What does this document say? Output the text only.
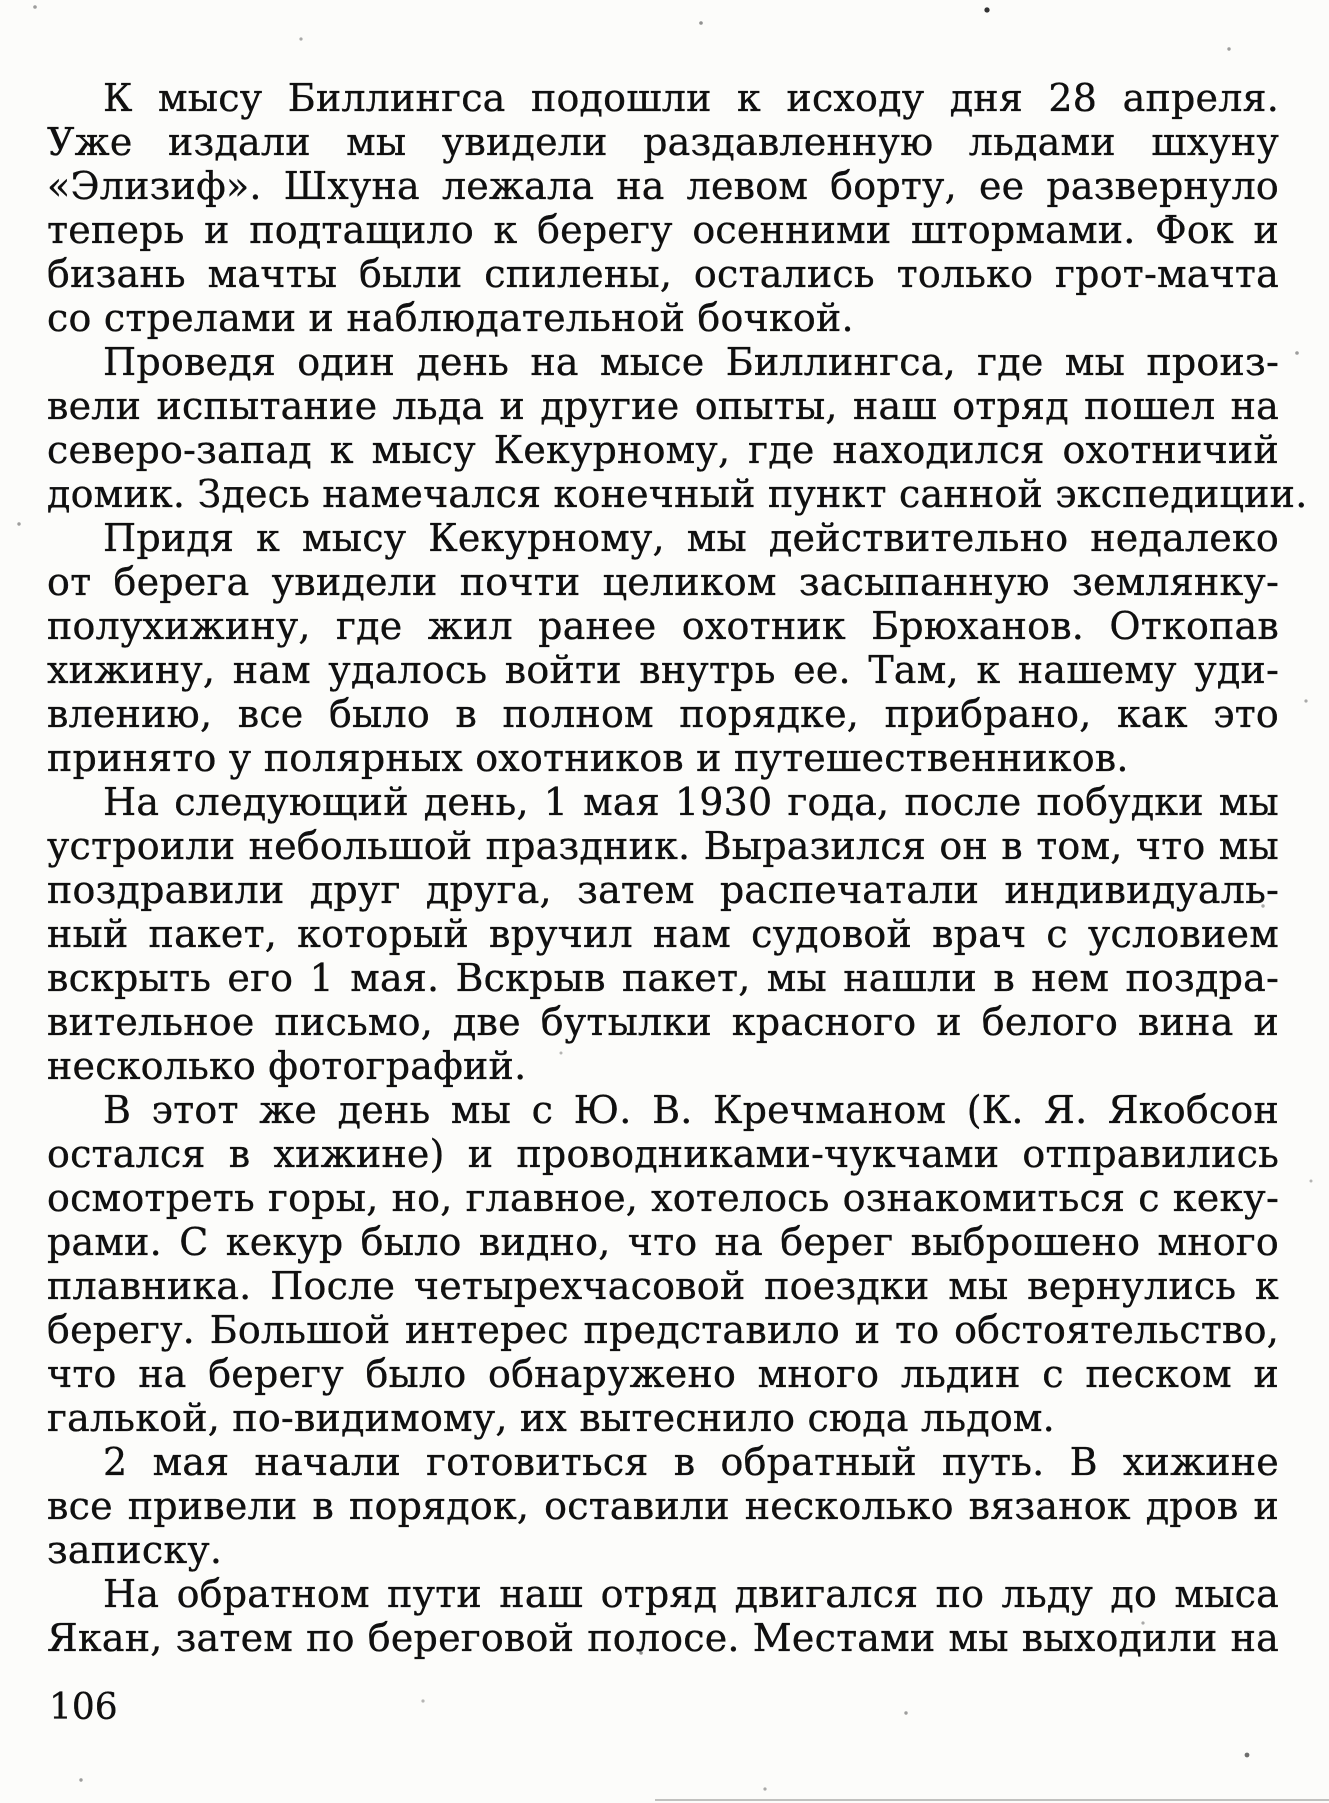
К мысу Биллингса подошли к исходу дня 28 апреля.
Уже издали мы увидели раздавленную льдами шхуну
«Элизиф». Шхуна лежала на левом борту, ее развернуло
теперь и подтащило к берегу осенними штормами. Фок и
бизань мачты были спилены, остались только грот-мачта
со стрелами и наблюдательной бочкой.
Проведя один день на мысе Биллингса, где мы произ-
вели испытание льда и другие опыты, наш отряд пошел на
северо-запад к мысу Кекурному, где находился охотничий
домик. Здесь намечался конечный пункт санной экспедиции.
Придя к мысу Кекурному, мы действительно недалеко
от берега увидели почти целиком засыпанную землянку-
полухижину, где жил ранее охотник Брюханов. Откопав
хижину, нам удалось войти внутрь ее. Там, к нашему уди-
влению, все было в полном порядке, прибрано, как это
принято у полярных охотников и путешественников.
На следующий день, 1 мая 1930 года, после побудки мы
устроили небольшой праздник. Выразился он в том, что мы
поздравили друг друга, затем распечатали индивидуаль-
ный пакет, который вручил нам судовой врач с условием
вскрыть его 1 мая. Вскрыв пакет, мы нашли в нем поздра-
вительное письмо, две бутылки красного и белого вина и
несколько фотографий.
В этот же день мы с Ю. В. Кречманом (К. Я. Якобсон
остался в хижине) и проводниками-чукчами отправились
осмотреть горы, но, главное, хотелось ознакомиться с кеку-
рами. С кекур было видно, что на берег выброшено много
плавника. После четырехчасовой поездки мы вернулись к
берегу. Большой интерес представило и то обстоятельство,
что на берегу было обнаружено много льдин с песком и
галькой, по-видимому, их вытеснило сюда льдом.
2 мая начали готовиться в обратный путь. В хижине
все привели в порядок, оставили несколько вязанок дров и
записку.
На обратном пути наш отряд двигался по льду до мыса
Якан, затем по береговой полосе. Местами мы выходили на
106
